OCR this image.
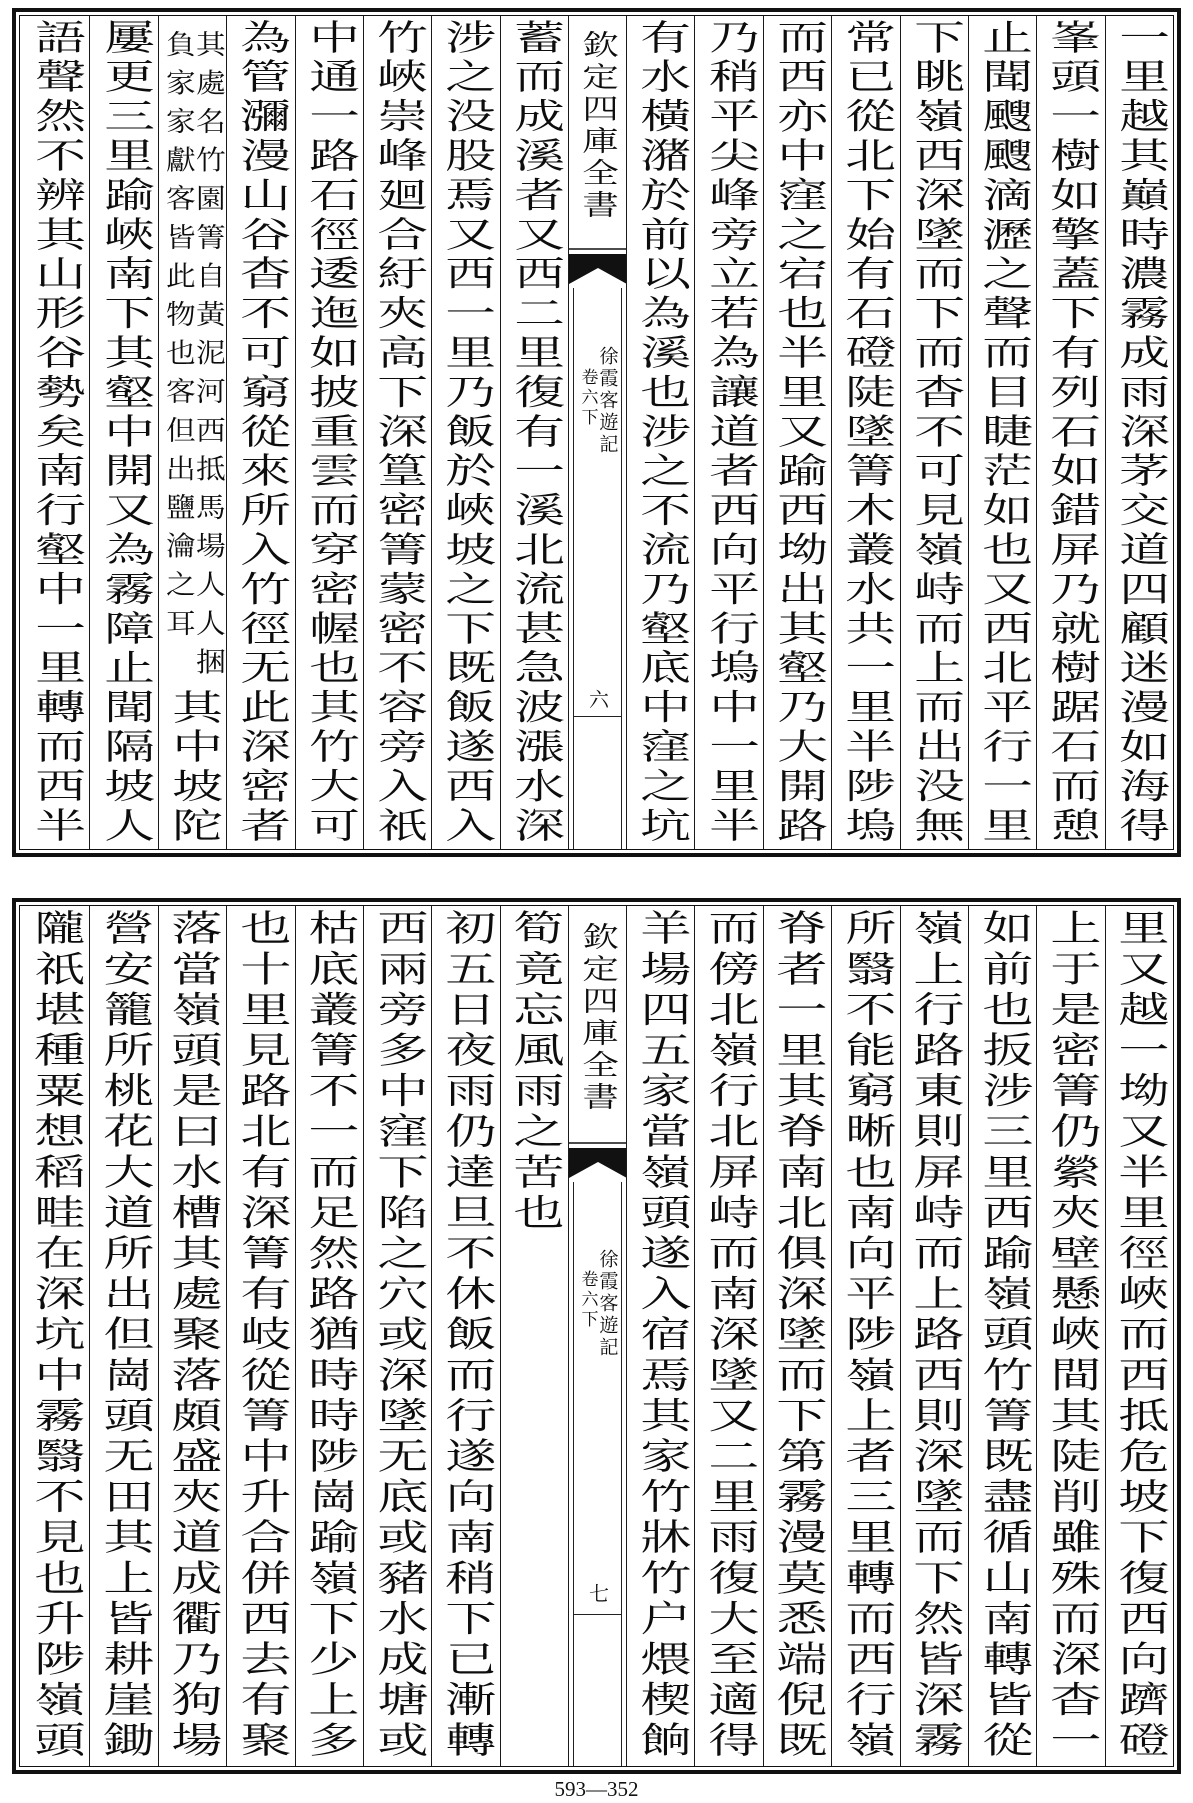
一里越其巔時濃霧成雨深茅交道四顧迷漫如海得
峯頭一樹如擎蓋下有列石如錯屏乃就樹踞石而憩
止聞颼颼滴瀝之聲而目睫茫如也又西北平行一里
下眺嶺西深墜而下而杳不可見嶺峙而上而出没無
常已從北下始有石磴陡墜箐木叢水共一里半陟塢
而西亦中窪之宕也半里又踰西坳出其壑乃大開路
乃稍平尖峰旁立若為讓道者西向平行塢中一里半
有水橫潴於前以為溪也涉之不流乃壑底中窪之坑
欽定四庫全書
徐霞客遊記
卷六下
六
蓄而成溪者又西二里復有一溪北流甚急波漲水深
涉之没股焉又西一里乃飯於峽坡之下既飯遂西入
竹峽崇峰廻合紆夾高下深篁密箐蒙密不容旁入祇
中通一路石徑逶迤如披重雲而穿密幄也其竹大可
為管瀰漫山谷杳不可窮從來所入竹徑无此深密者
其處名竹園箐自黃泥河西抵馬場人人捆
負家家獻客皆此物也客但出鹽瀹之耳
其中坡陀
屢更三里踰峽南下其壑中開又為霧障止聞隔坡人
語聲然不辨其山形谷勢矣南行壑中一里轉而西半
里又越一坳又半里徑峽而西抵危坡下復西向躋磴
上于是密箐仍縈夾壁懸峽間其陡削雖殊而深杳一
如前也扳涉三里西踰嶺頭竹箐既盡循山南轉皆從
嶺上行路東則屏峙而上路西則深墜而下然皆深霧
所翳不能窮晰也南向平陟嶺上者三里轉而西行嶺
脊者一里其脊南北俱深墜而下第霧漫莫悉端倪既
而傍北嶺行北屏峙而南深墜又二里雨復大至適得
羊場四五家當嶺頭遂入宿焉其家竹牀竹户煨楔餉
欽定四庫全書
徐霞客遊記
卷六下
七
筍竟忘風雨之苦也
初五日夜雨仍達旦不休飯而行遂向南稍下已漸轉
西兩旁多中窪下陷之穴或深墜无底或豬水成塘或
枯底叢箐不一而足然路猶時時陟崗踰嶺下少上多
也十里見路北有深箐有岐從箐中升合併西去有聚
落當嶺頭是曰水槽其處聚落頗盛夾道成衢乃狗場
營安籠所桃花大道所出但崗頭无田其上皆耕崖鋤
隴祇堪種粟想稻畦在深坑中霧翳不見也升陟嶺頭
593—352
